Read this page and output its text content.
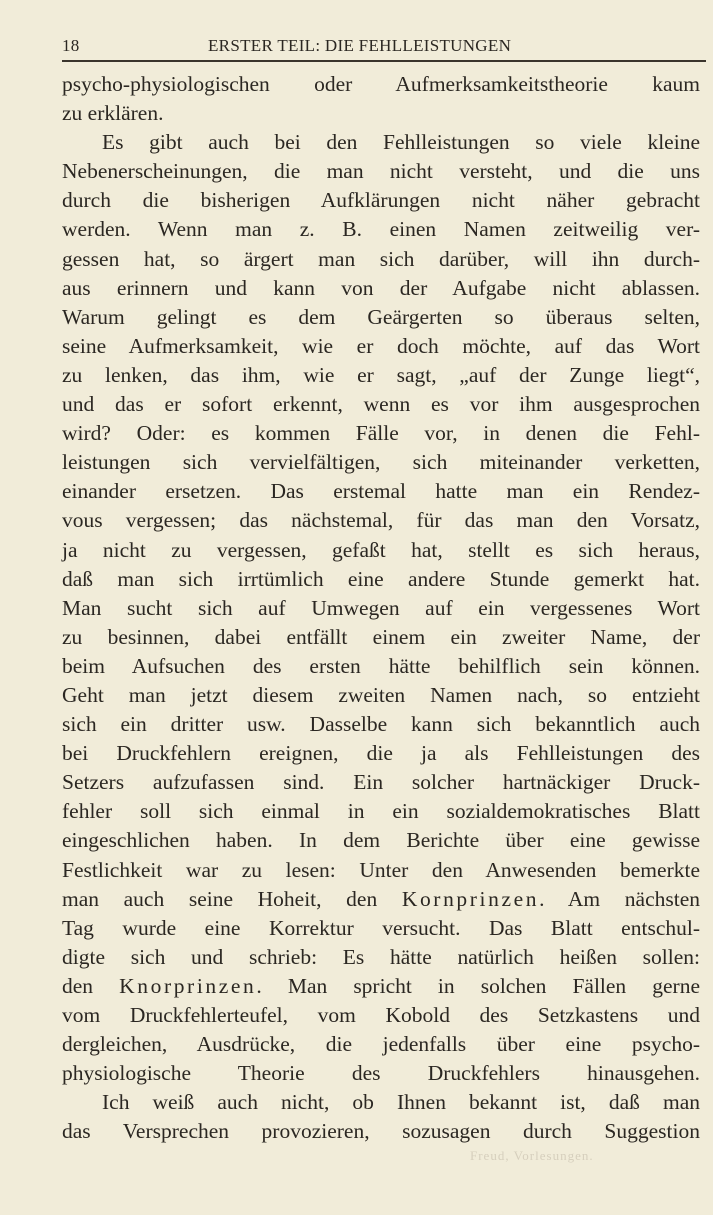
18	ERSTER TEIL: DIE FEHLLEISTUNGEN
psycho-physiologischen oder Aufmerksamkeitstheorie kaum
zu erklären.
Es gibt auch bei den Fehlleistungen so viele kleine
Nebenerscheinungen, die man nicht versteht, und die uns
durch die bisherigen Aufklärungen nicht näher gebracht
werden. Wenn man z. B. einen Namen zeitweilig ver-
gessen hat, so ärgert man sich darüber, will ihn durch-
aus erinnern und kann von der Aufgabe nicht ablassen.
Warum gelingt es dem Geärgerten so überaus selten,
seine Aufmerksamkeit, wie er doch möchte, auf das Wort
zu lenken, das ihm, wie er sagt, „auf der Zunge liegt“,
und das er sofort erkennt, wenn es vor ihm ausgesprochen
wird? Oder: es kommen Fälle vor, in denen die Fehl-
leistungen sich vervielfältigen, sich miteinander verketten,
einander ersetzen. Das erstemal hatte man ein Rendez-
vous vergessen; das nächstemal, für das man den Vorsatz,
ja nicht zu vergessen, gefaßt hat, stellt es sich heraus,
daß man sich irrtümlich eine andere Stunde gemerkt hat.
Man sucht sich auf Umwegen auf ein vergessenes Wort
zu besinnen, dabei entfällt einem ein zweiter Name, der
beim Aufsuchen des ersten hätte behilflich sein können.
Geht man jetzt diesem zweiten Namen nach, so entzieht
sich ein dritter usw. Dasselbe kann sich bekanntlich auch
bei Druckfehlern ereignen, die ja als Fehlleistungen des
Setzers aufzufassen sind. Ein solcher hartnäckiger Druck-
fehler soll sich einmal in ein sozialdemokratisches Blatt
eingeschlichen haben. In dem Berichte über eine gewisse
Festlichkeit war zu lesen: Unter den Anwesenden bemerkte
man auch seine Hoheit, den Kornprinzen. Am nächsten
Tag wurde eine Korrektur versucht. Das Blatt entschul-
digte sich und schrieb: Es hätte natürlich heißen sollen:
den Knorprinzen. Man spricht in solchen Fällen gerne
vom Druckfehlerteufel, vom Kobold des Setzkastens und
dergleichen, Ausdrücke, die jedenfalls über eine psycho-
physiologische Theorie des Druckfehlers hinausgehen.
Ich weiß auch nicht, ob Ihnen bekannt ist, daß man
das Versprechen provozieren, sozusagen durch Suggestion
Freud, Vorlesungen.
